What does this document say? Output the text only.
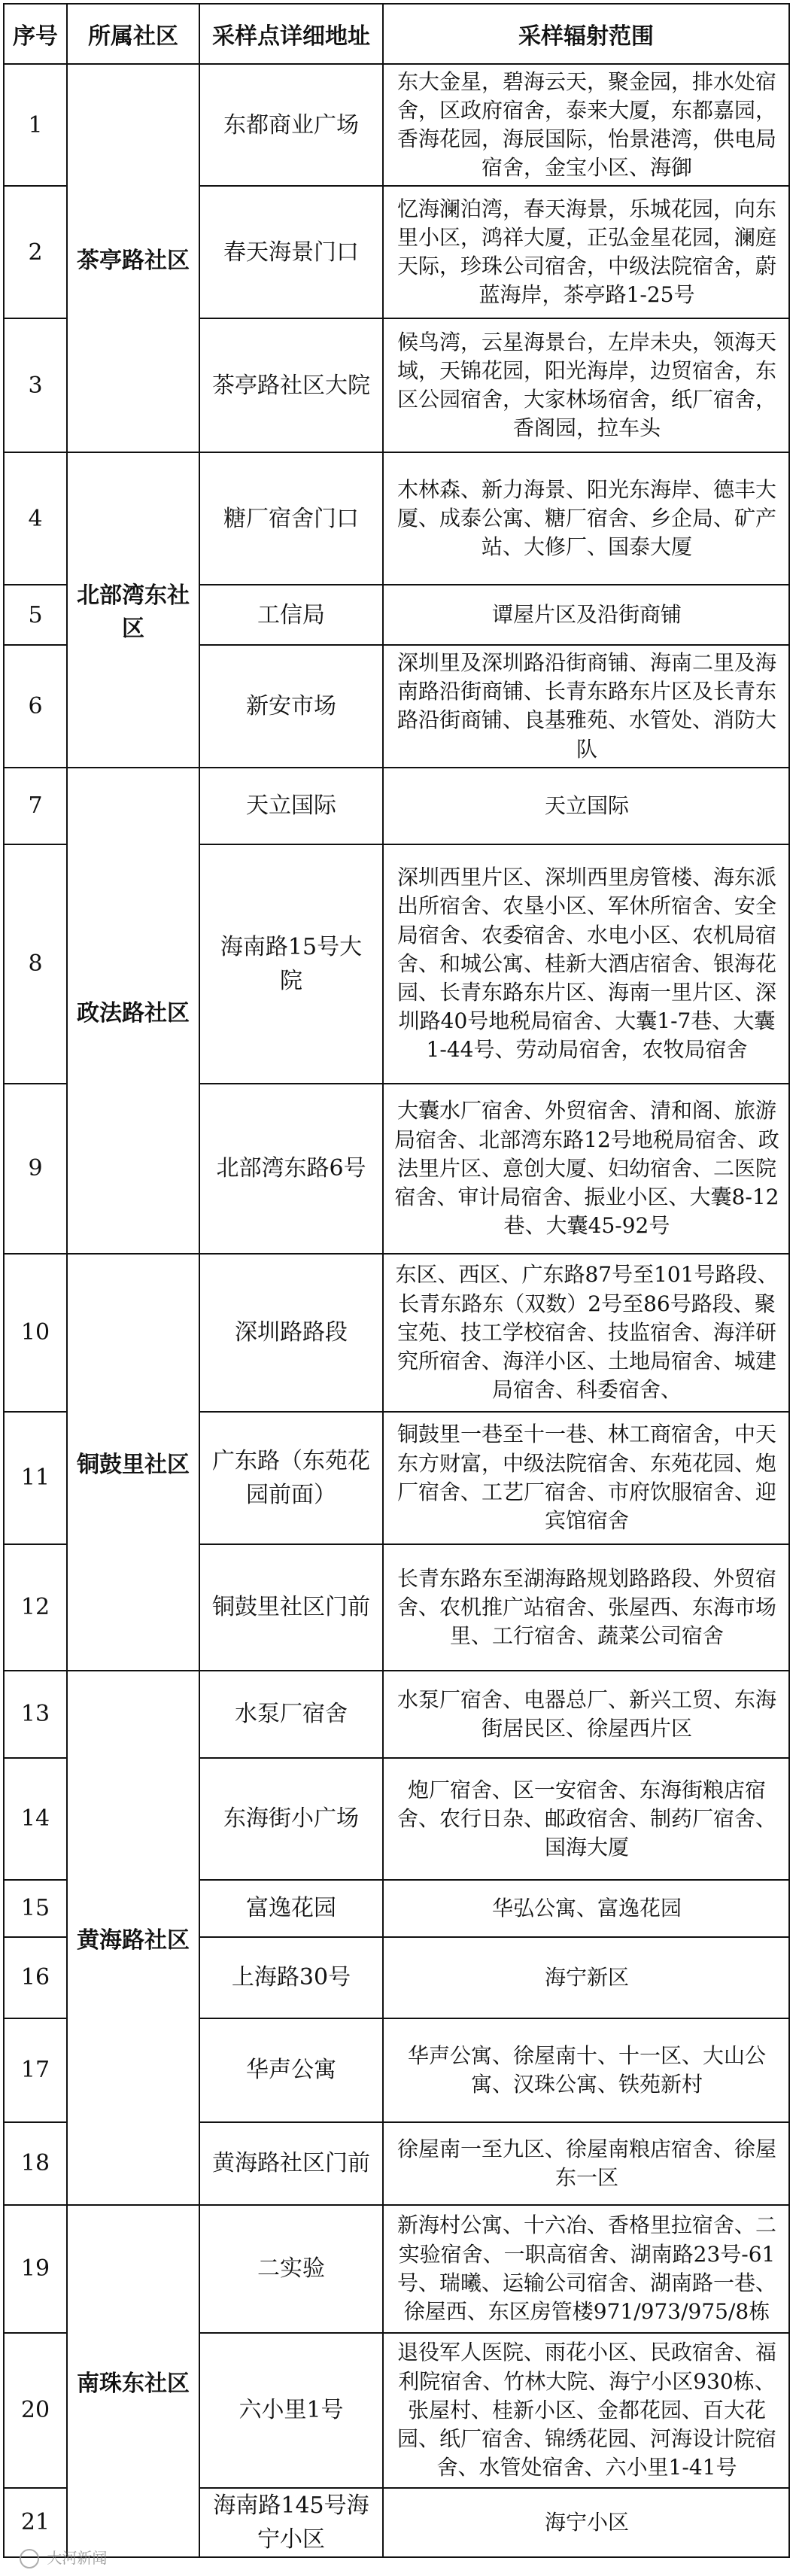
序号	所属社区	采样点详细地址	采样辐射范围
1	茶亭路社区	东都商业广场	东大金星，碧海云天，聚金园，排水处宿舍，区政府宿舍，泰来大厦，东都嘉园，香海花园，海辰国际，怡景港湾，供电局宿舍，金宝小区、海御
2		春天海景门口	忆海澜泊湾，春天海景，乐城花园，向东里小区，鸿祥大厦，正弘金星花园，澜庭天际，珍珠公司宿舍，中级法院宿舍，蔚蓝海岸，茶亭路1-25号
3		茶亭路社区大院	候鸟湾，云星海景台，左岸未央，领海天域，天锦花园，阳光海岸，边贸宿舍，东区公园宿舍，大家林场宿舍，纸厂宿舍，香阁园，拉车头
4	北部湾东社区	糖厂宿舍门口	木林森、新力海景、阳光东海岸、德丰大厦、成泰公寓、糖厂宿舍、乡企局、矿产站、大修厂、国泰大厦
5		工信局	谭屋片区及沿街商铺
6		新安市场	深圳里及深圳路沿街商铺、海南二里及海南路沿街商铺、长青东路东片区及长青东路沿街商铺、良基雅苑、水管处、消防大队
7	政法路社区	天立国际	天立国际
8		海南路15号大院	深圳西里片区、深圳西里房管楼、海东派出所宿舍、农垦小区、军休所宿舍、安全局宿舍、农委宿舍、水电小区、农机局宿舍、和城公寓、桂新大酒店宿舍、银海花园、长青东路东片区、海南一里片区、深圳路40号地税局宿舍、大囊1-7巷、大囊1-44号、劳动局宿舍，农牧局宿舍
9		北部湾东路6号	大囊水厂宿舍、外贸宿舍、清和阁、旅游局宿舍、北部湾东路12号地税局宿舍、政法里片区、意创大厦、妇幼宿舍、二医院宿舍、审计局宿舍、振业小区、大囊8-12巷、大囊45-92号
10	铜鼓里社区	深圳路路段	东区、西区、广东路87号至101号路段、长青东路东（双数）2号至86号路段、聚宝苑、技工学校宿舍、技监宿舍、海洋研究所宿舍、海洋小区、土地局宿舍、城建局宿舍、科委宿舍、
11		广东路（东苑花园前面）	铜鼓里一巷至十一巷、林工商宿舍，中天东方财富，中级法院宿舍、东苑花园、炮厂宿舍、工艺厂宿舍、市府饮服宿舍、迎宾馆宿舍
12		铜鼓里社区门前	长青东路东至湖海路规划路路段、外贸宿舍、农机推广站宿舍、张屋西、东海市场里、工行宿舍、蔬菜公司宿舍
13	黄海路社区	水泵厂宿舍	水泵厂宿舍、电器总厂、新兴工贸、东海街居民区、徐屋西片区
14		东海街小广场	炮厂宿舍、区一安宿舍、东海街粮店宿舍、农行日杂、邮政宿舍、制药厂宿舍、国海大厦
15		富逸花园	华弘公寓、富逸花园
16		上海路30号	海宁新区
17		华声公寓	华声公寓、徐屋南十、十一区、大山公寓、汉珠公寓、铁苑新村
18		黄海路社区门前	徐屋南一至九区、徐屋南粮店宿舍、徐屋东一区
19	南珠东社区	二实验	新海村公寓、十六冶、香格里拉宿舍、二实验宿舍、一职高宿舍、湖南路23号-61号、瑞曦、运输公司宿舍、湖南路一巷、徐屋西、东区房管楼971/973/975/8栋
20		六小里1号	退役军人医院、雨花小区、民政宿舍、福利院宿舍、竹林大院、海宁小区930栋、张屋村、桂新小区、金都花园、百大花园、纸厂宿舍、锦绣花园、河海设计院宿舍、水管处宿舍、六小里1-41号
21		海南路145号海宁小区	海宁小区
大河新闻
